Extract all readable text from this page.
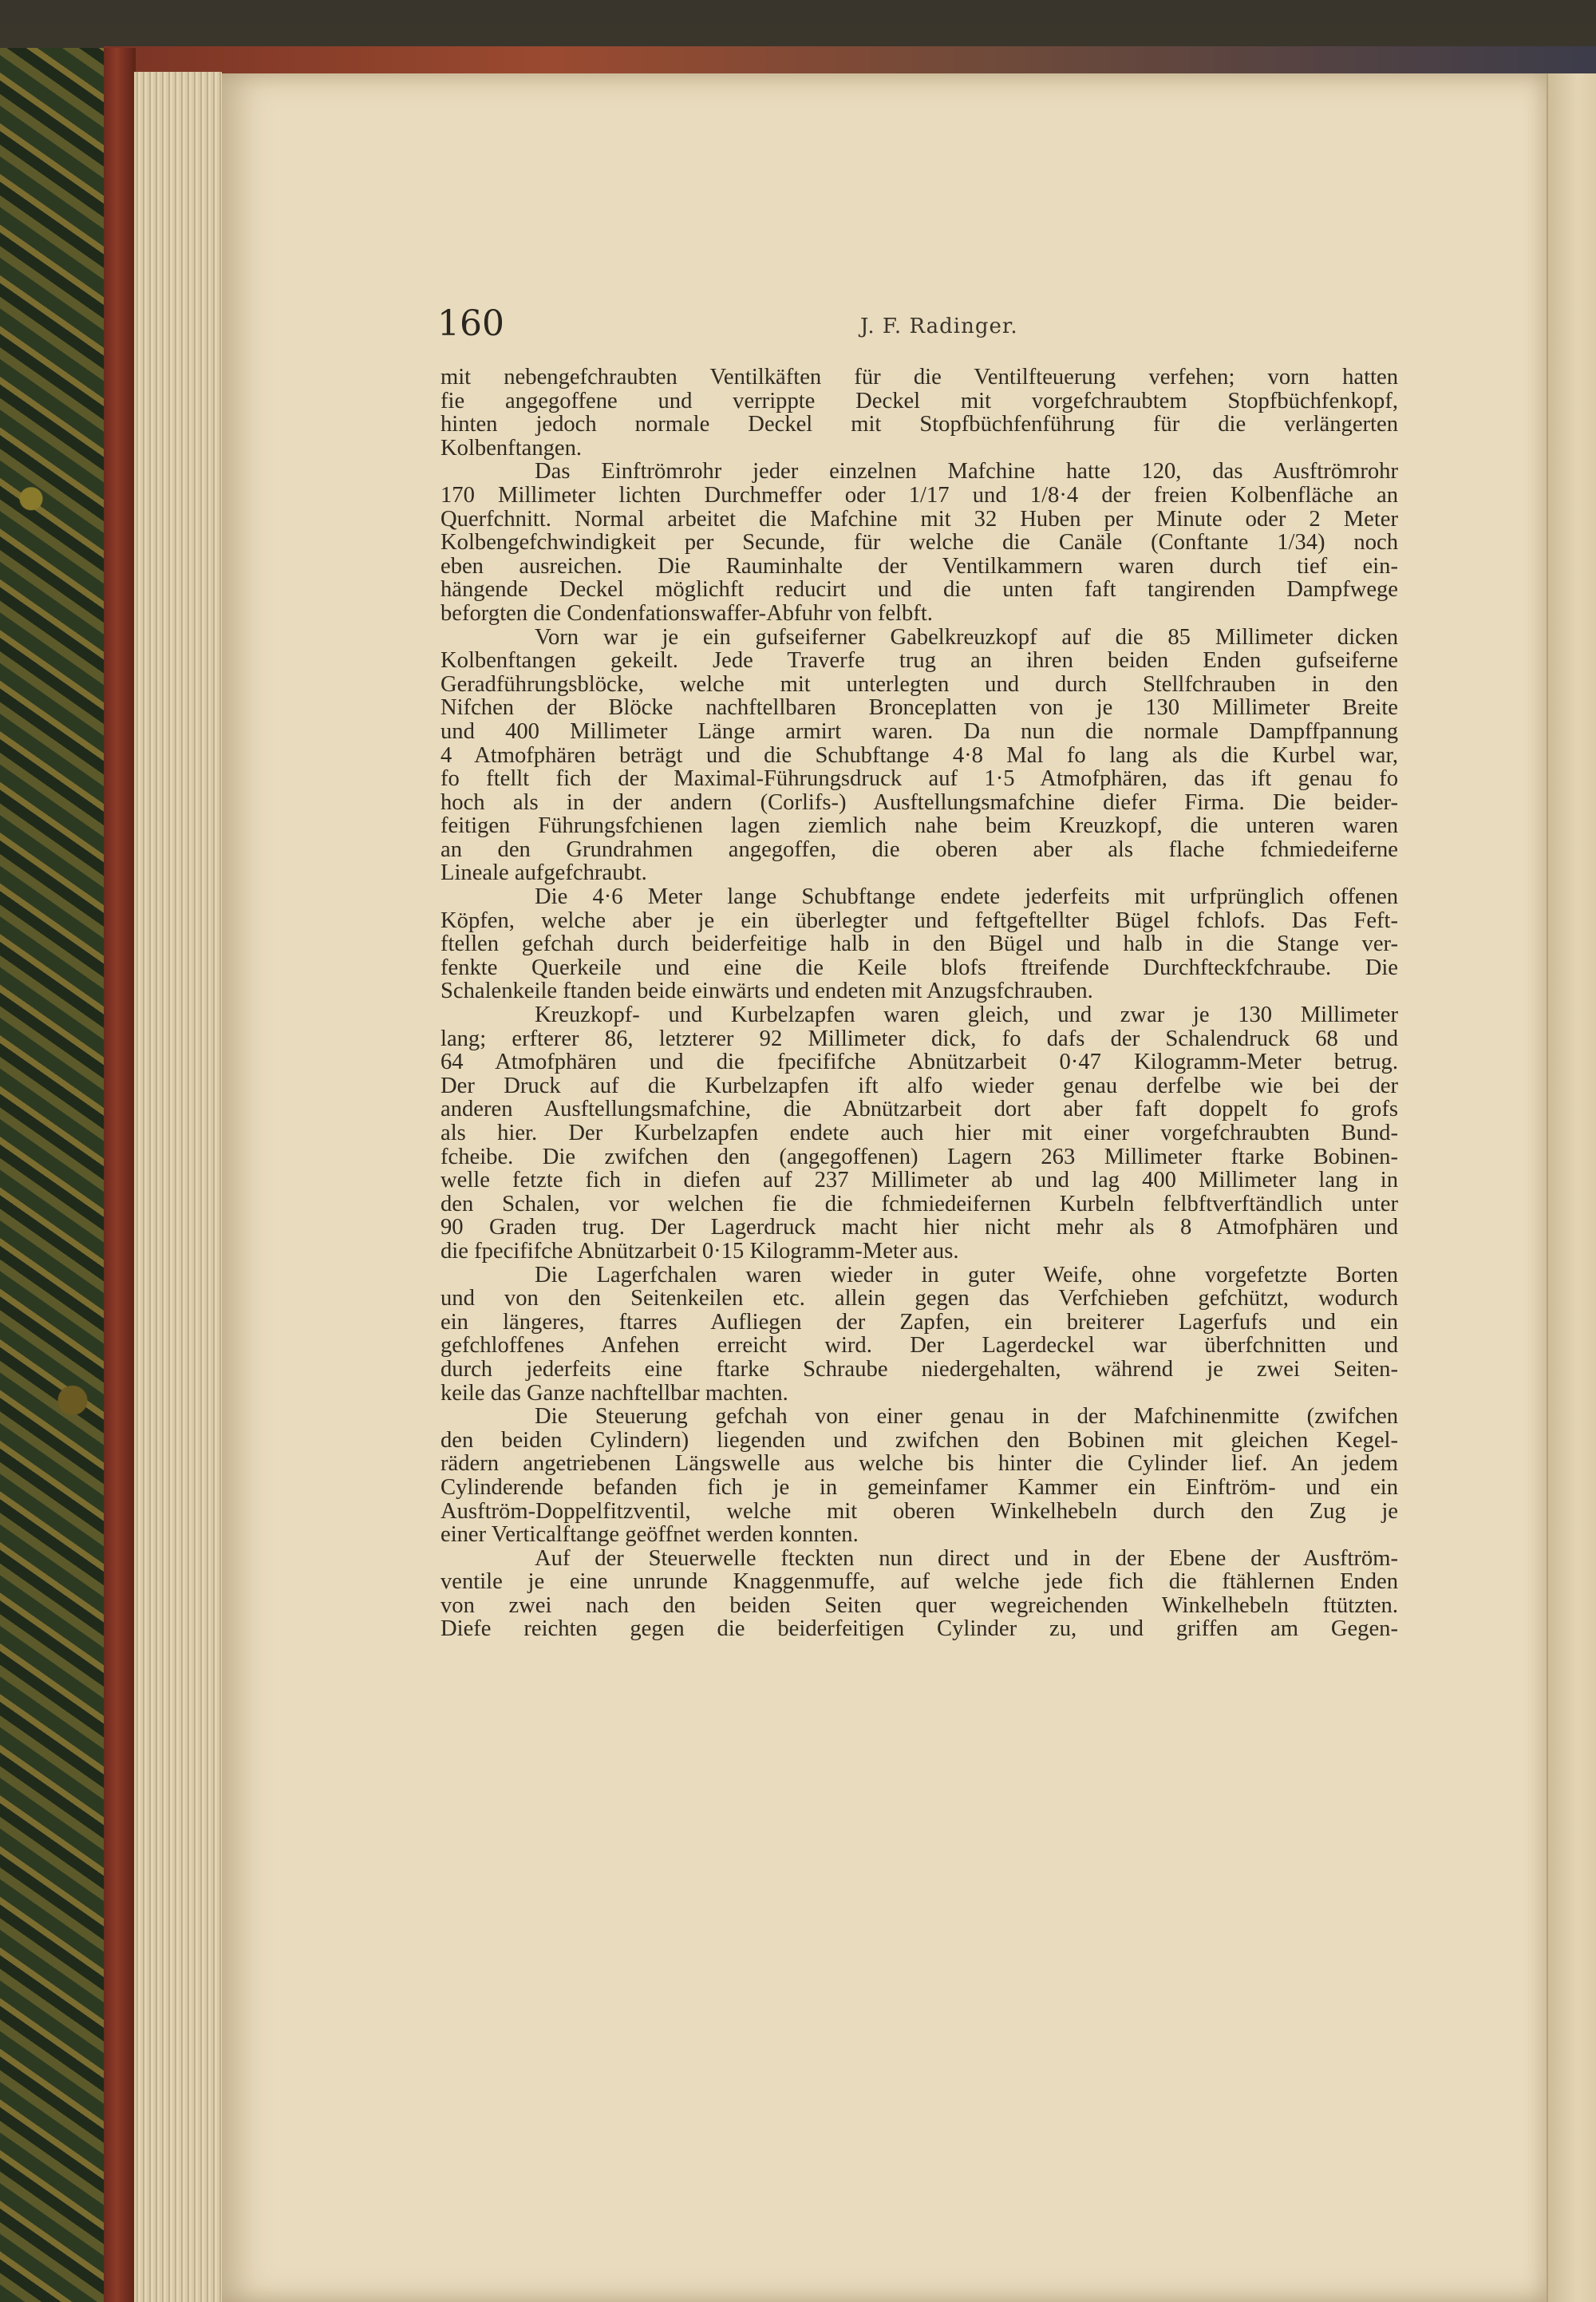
160	J. F. Radinger.
mit nebengefchraubten Ventilkäften für die Ventilfteuerung verfehen; vorn hatten
fie angegoffene und verrippte Deckel mit vorgefchraubtem Stopfbüchfenkopf,
hinten jedoch normale Deckel mit Stopfbüchfenführung für die verlängerten
Kolbenftangen.
Das Einftrömrohr jeder einzelnen Mafchine hatte 120, das Ausftrömrohr
170 Millimeter lichten Durchmeffer oder 1/17 und 1/8·4 der freien Kolbenfläche an
Querfchnitt. Normal arbeitet die Mafchine mit 32 Huben per Minute oder 2 Meter
Kolbengefchwindigkeit per Secunde, für welche die Canäle (Conftante 1/34) noch
eben ausreichen. Die Rauminhalte der Ventilkammern waren durch tief ein-
hängende Deckel möglichft reducirt und die unten faft tangirenden Dampfwege
beforgten die Condenfationswaffer-Abfuhr von felbft.
Vorn war je ein gufseiferner Gabelkreuzkopf auf die 85 Millimeter dicken
Kolbenftangen gekeilt. Jede Traverfe trug an ihren beiden Enden gufseiferne
Geradführungsblöcke, welche mit unterlegten und durch Stellfchrauben in den
Nifchen der Blöcke nachftellbaren Bronceplatten von je 130 Millimeter Breite
und 400 Millimeter Länge armirt waren. Da nun die normale Dampffpannung
4 Atmofphären beträgt und die Schubftange 4·8 Mal fo lang als die Kurbel war,
fo ftellt fich der Maximal-Führungsdruck auf 1·5 Atmofphären, das ift genau fo
hoch als in der andern (Corlifs-) Ausftellungsmafchine diefer Firma. Die beider-
feitigen Führungsfchienen lagen ziemlich nahe beim Kreuzkopf, die unteren waren
an den Grundrahmen angegoffen, die oberen aber als flache fchmiedeiferne
Lineale aufgefchraubt.
Die 4·6 Meter lange Schubftange endete jederfeits mit urfprünglich offenen
Köpfen, welche aber je ein überlegter und feftgeftellter Bügel fchlofs. Das Feft-
ftellen gefchah durch beiderfeitige halb in den Bügel und halb in die Stange ver-
fenkte Querkeile und eine die Keile blofs ftreifende Durchfteckfchraube. Die
Schalenkeile ftanden beide einwärts und endeten mit Anzugsfchrauben.
Kreuzkopf- und Kurbelzapfen waren gleich, und zwar je 130 Millimeter
lang; erfterer 86, letzterer 92 Millimeter dick, fo dafs der Schalendruck 68 und
64 Atmofphären und die fpecififche Abnützarbeit 0·47 Kilogramm-Meter betrug.
Der Druck auf die Kurbelzapfen ift alfo wieder genau derfelbe wie bei der
anderen Ausftellungsmafchine, die Abnützarbeit dort aber faft doppelt fo grofs
als hier. Der Kurbelzapfen endete auch hier mit einer vorgefchraubten Bund-
fcheibe. Die zwifchen den (angegoffenen) Lagern 263 Millimeter ftarke Bobinen-
welle fetzte fich in diefen auf 237 Millimeter ab und lag 400 Millimeter lang in
den Schalen, vor welchen fie die fchmiedeifernen Kurbeln felbftverftändlich unter
90 Graden trug. Der Lagerdruck macht hier nicht mehr als 8 Atmofphären und
die fpecififche Abnützarbeit 0·15 Kilogramm-Meter aus.
Die Lagerfchalen waren wieder in guter Weife, ohne vorgefetzte Borten
und von den Seitenkeilen etc. allein gegen das Verfchieben gefchützt, wodurch
ein längeres, ftarres Aufliegen der Zapfen, ein breiterer Lagerfufs und ein
gefchloffenes Anfehen erreicht wird. Der Lagerdeckel war überfchnitten und
durch jederfeits eine ftarke Schraube niedergehalten, während je zwei Seiten-
keile das Ganze nachftellbar machten.
Die Steuerung gefchah von einer genau in der Mafchinenmitte (zwifchen
den beiden Cylindern) liegenden und zwifchen den Bobinen mit gleichen Kegel-
rädern angetriebenen Längswelle aus welche bis hinter die Cylinder lief. An jedem
Cylinderende befanden fich je in gemeinfamer Kammer ein Einftröm- und ein
Ausftröm-Doppelfitzventil, welche mit oberen Winkelhebeln durch den Zug je
einer Verticalftange geöffnet werden konnten.
Auf der Steuerwelle fteckten nun direct und in der Ebene der Ausftröm-
ventile je eine unrunde Knaggenmuffe, auf welche jede fich die ftählernen Enden
von zwei nach den beiden Seiten quer wegreichenden Winkelhebeln ftützten.
Diefe reichten gegen die beiderfeitigen Cylinder zu, und griffen am Gegen-
